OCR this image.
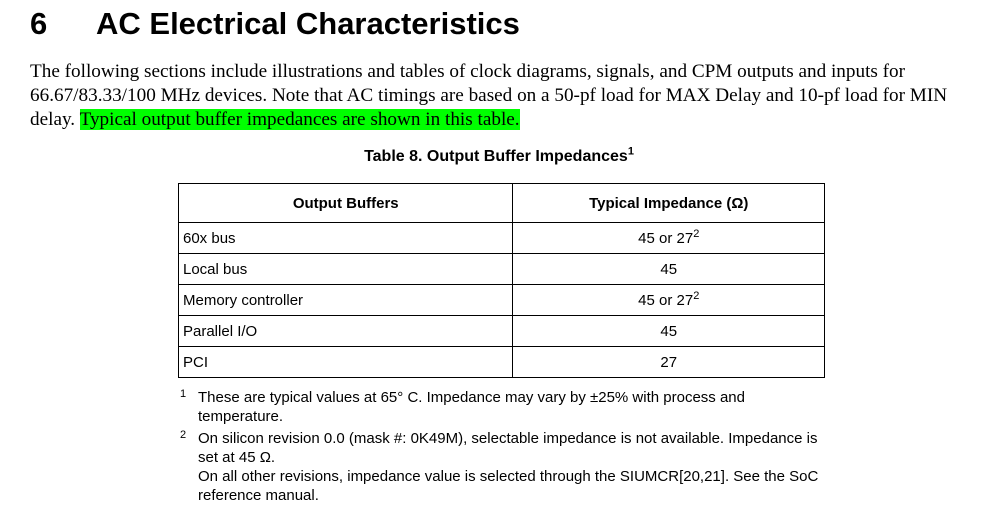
6 AC Electrical Characteristics

The following sections include illustrations and tables of clock diagrams, signals, and CPM outputs and inputs for 66.67/83.33/100 MHz devices. Note that AC timings are based on a 50-pf load for MAX Delay and 10-pf load for MIN delay. Typical output buffer impedances are shown in this table.

Table 8. Output Buffer Impedances$^1$
Output Buffers	Typical Impedance (Ω)
60x bus	45 or $27^2$
Local bus	45
Memory controller	45 or $27^2$
Parallel I/O	45
PCI	27
1 These are typical values at 65° C. Impedance may vary by ±25% with process and temperature.

2 On silicon revision 0.0 (mask #: 0K49M), selectable impedance is not available. Impedance is set at 45 Ω.

On all other revisions, impedance value is selected through the SIUMCR[20,21]. See the SoC reference manual.
